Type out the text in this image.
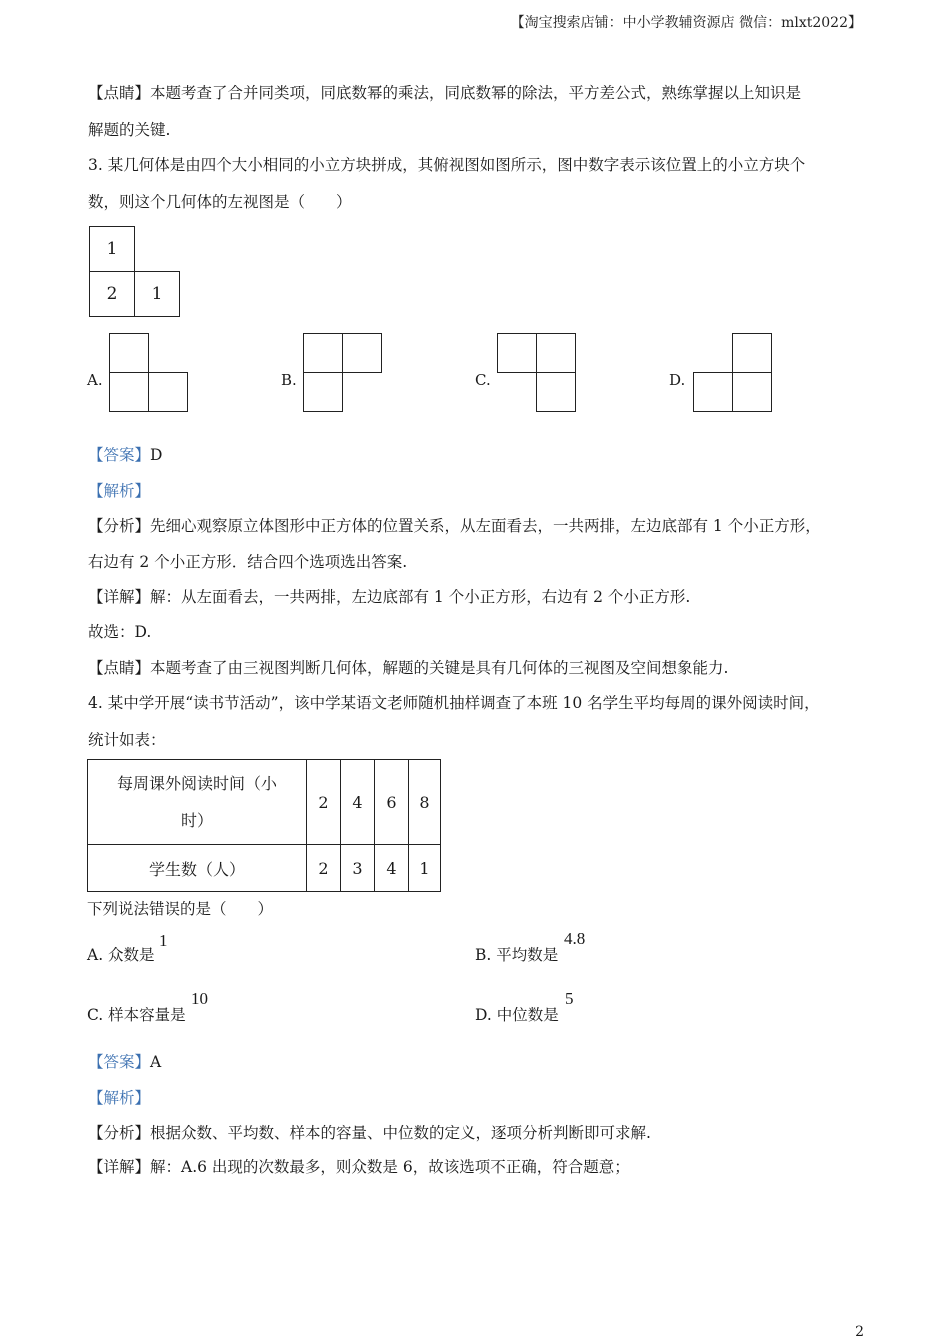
【淘宝搜索店铺：中小学教辅资源店 微信：mlxt2022】
【点睛】本题考查了合并同类项，同底数幂的乘法，同底数幂的除法，平方差公式，熟练掌握以上知识是
解题的关键.
3. 某几何体是由四个大小相同的小立方块拼成，其俯视图如图所示，图中数字表示该位置上的小立方块个
数，则这个几何体的左视图是（　　）
1
2	1
A.	B.	C.	D.
【答案】D
【解析】
【分析】先细心观察原立体图形中正方体的位置关系，从左面看去，一共两排，左边底部有 1 个小正方形，
右边有 2 个小正方形．结合四个选项选出答案.
【详解】解：从左面看去，一共两排，左边底部有 1 个小正方形，右边有 2 个小正方形.
故选：D.
【点睛】本题考查了由三视图判断几何体，解题的关键是具有几何体的三视图及空间想象能力.
4. 某中学开展“读书节活动”，该中学某语文老师随机抽样调查了本班 10 名学生平均每周的课外阅读时间，
统计如表：
每周课外阅读时间（小
时）	2	4	6	8
学生数（人）	2	3	4	1
下列说法错误的是（　　）
A. 众数是
1
B. 平均数是
4.8
C. 样本容量是
10
D. 中位数是
5
【答案】A
【解析】
【分析】根据众数、平均数、样本的容量、中位数的定义，逐项分析判断即可求解.
【详解】解：A.6 出现的次数最多，则众数是 6，故该选项不正确，符合题意；
2
